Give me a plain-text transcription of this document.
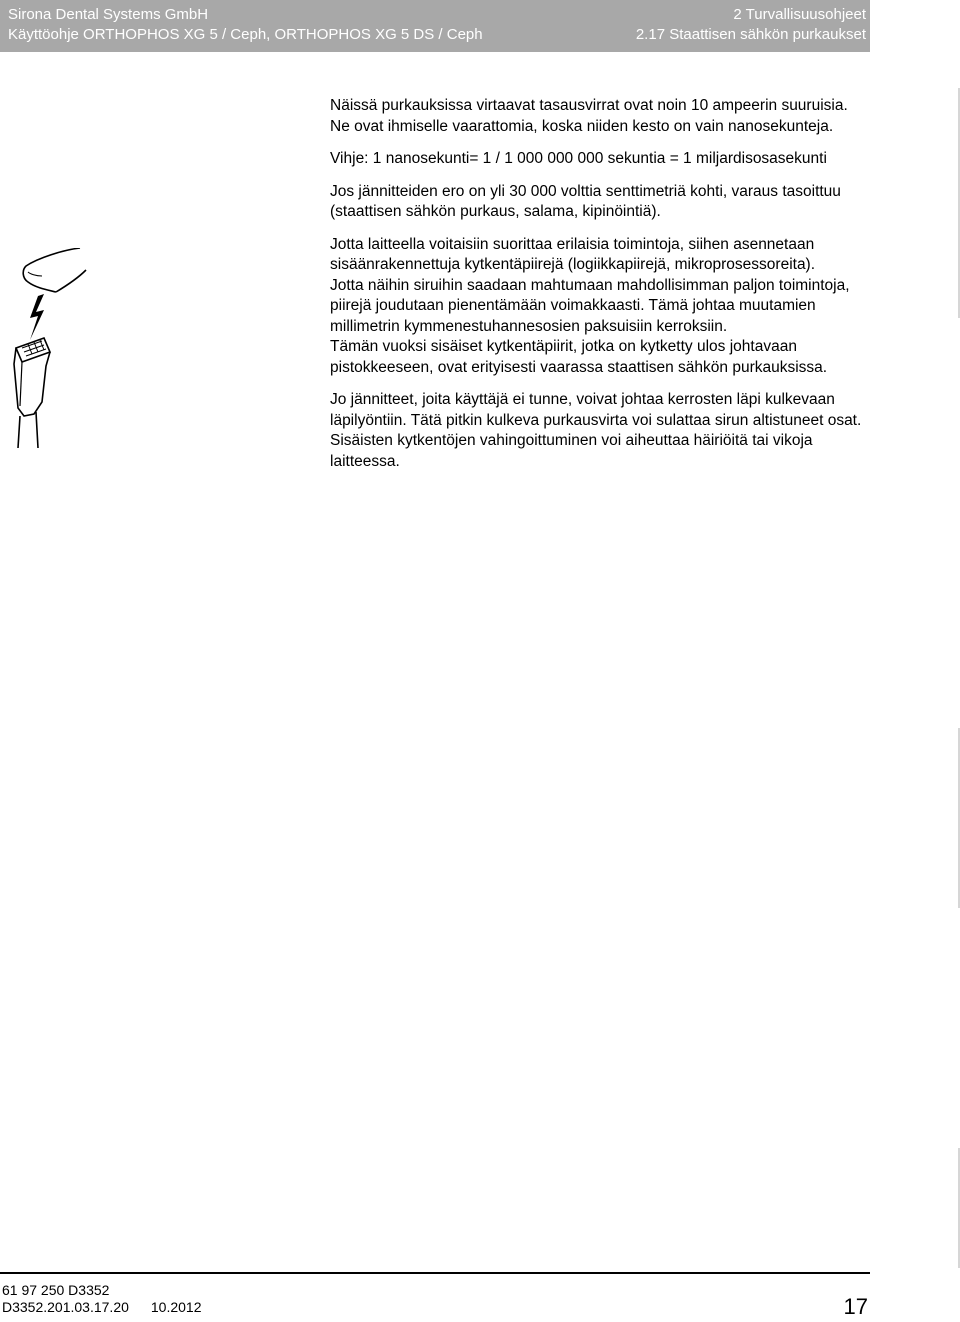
Sirona Dental Systems GmbH
Käyttöohje ORTHOPHOS XG 5 / Ceph, ORTHOPHOS XG 5 DS / Ceph
2 Turvallisuusohjeet
2.17 Staattisen sähkön purkaukset

Näissä purkauksissa virtaavat tasausvirrat ovat noin 10 ampeerin suuruisia. Ne ovat ihmiselle vaarattomia, koska niiden kesto on vain nanosekunteja.

Vihje: 1 nanosekunti= 1 / 1 000 000 000 sekuntia = 1 miljardisosasekunti

Jos jännitteiden ero on yli 30 000 volttia senttimetriä kohti, varaus tasoittuu (staattisen sähkön purkaus, salama, kipinöintiä).

Jotta laitteella voitaisiin suorittaa erilaisia toimintoja, siihen asennetaan sisäänrakennettuja kytkentäpiirejä (logiikkapiirejä, mikroprosessoreita).

Jotta näihin siruihin saadaan mahtumaan mahdollisimman paljon toimintoja, piirejä joudutaan pienentämään voimakkaasti. Tämä johtaa muutamien millimetrin kymmenestuhannesosien paksuisiin kerroksiin.

Tämän vuoksi sisäiset kytkentäpiirit, jotka on kytketty ulos johtavaan pistokkeeseen, ovat erityisesti vaarassa staattisen sähkön purkauksissa.

Jo jännitteet, joita käyttäjä ei tunne, voivat johtaa kerrosten läpi kulkevaan läpilyöntiin. Tätä pitkin kulkeva purkausvirta voi sulattaa sirun altistuneet osat. Sisäisten kytkentöjen vahingoittuminen voi aiheuttaa häiriöitä tai vikoja laitteessa.

61 97 250 D3352
D3352.201.03.17.20 10.2012	17
